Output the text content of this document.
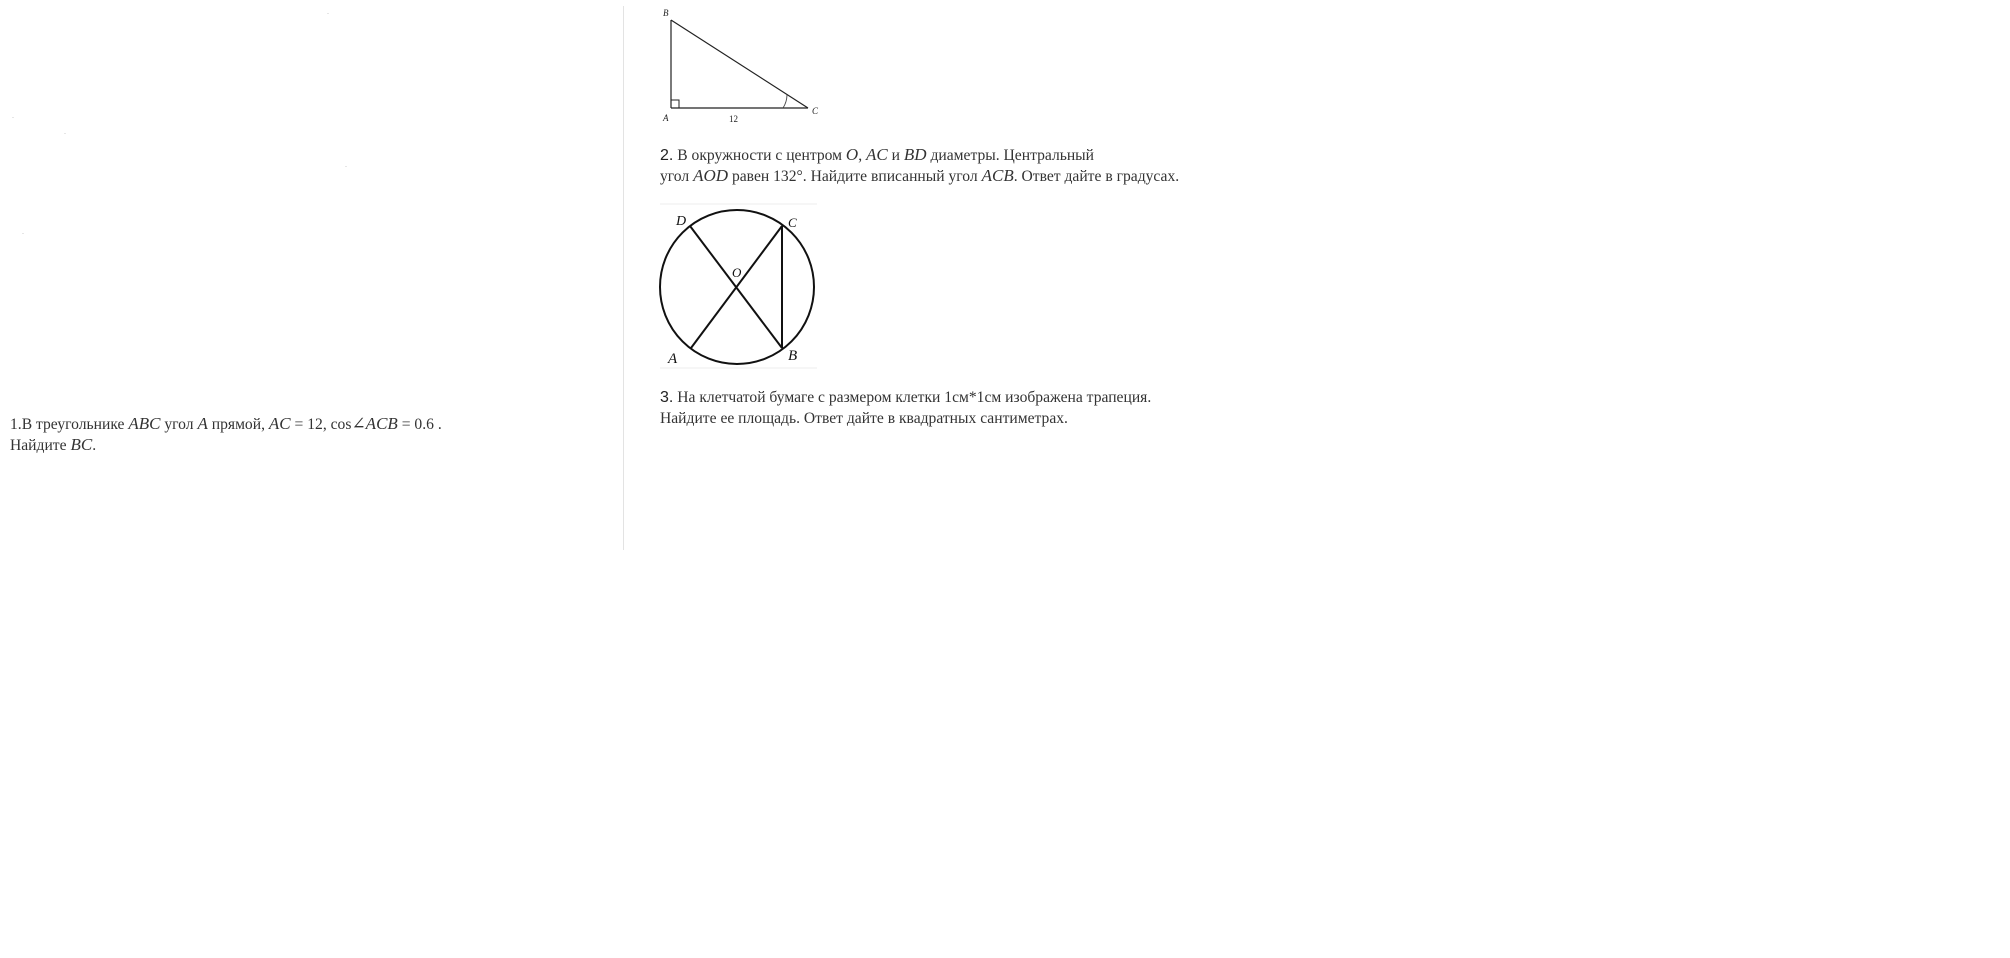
1.В треугольнике ABC угол A прямой, AC = 12, cos∠ACB = 0.6 .
Найдите BC.
B
A
C
12
2. В окружности с центром O, AC и BD диаметры. Центральный
угол AOD равен 132°. Найдите вписанный угол ACB. Ответ дайте в градусах.
D	C
O
A	B
3. На клетчатой бумаге с размером клетки 1см*1см изображена трапеция.
Найдите ее площадь. Ответ дайте в квадратных сантиметрах.
